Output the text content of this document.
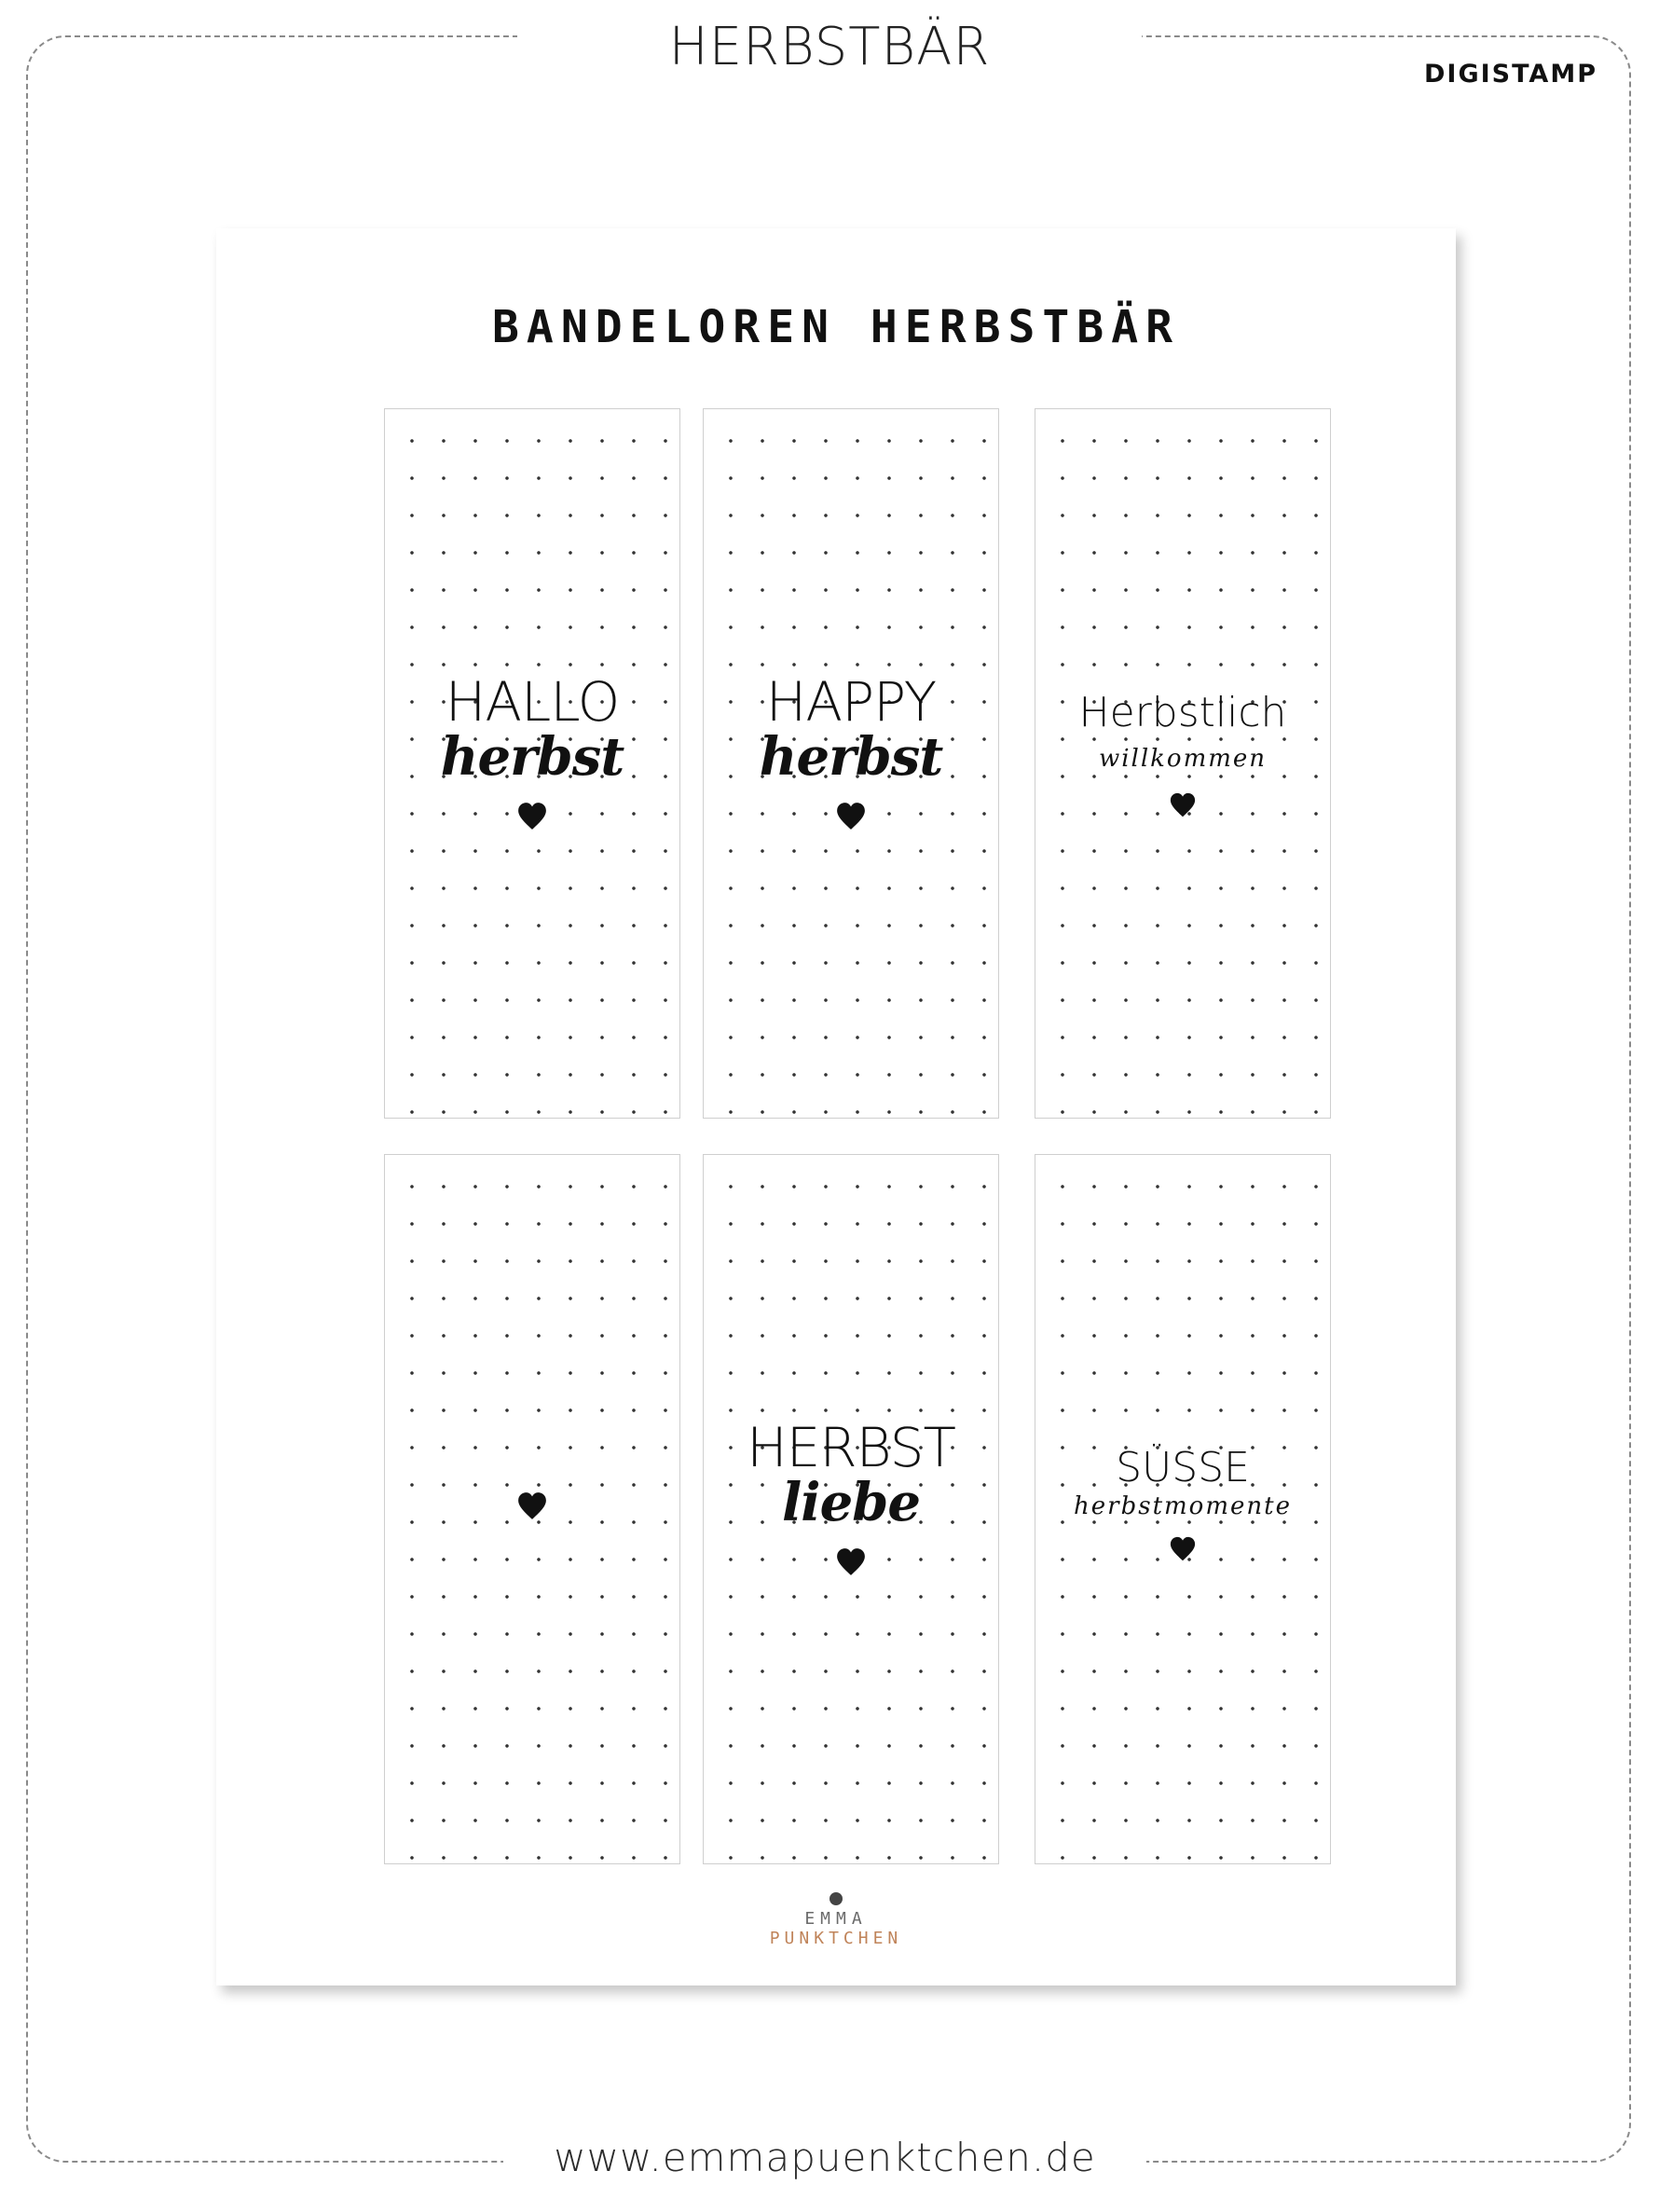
HERBSTBÄR	DIGISTAMP
BANDELOREN HERBSTBÄR
HALLO
herbst
HAPPY
herbst
Herbstlich
willkommen
HERBST
liebe
SÜSSE
herbstmomente
EMMA
PUNKTCHEN
www.emmapuenktchen.de
